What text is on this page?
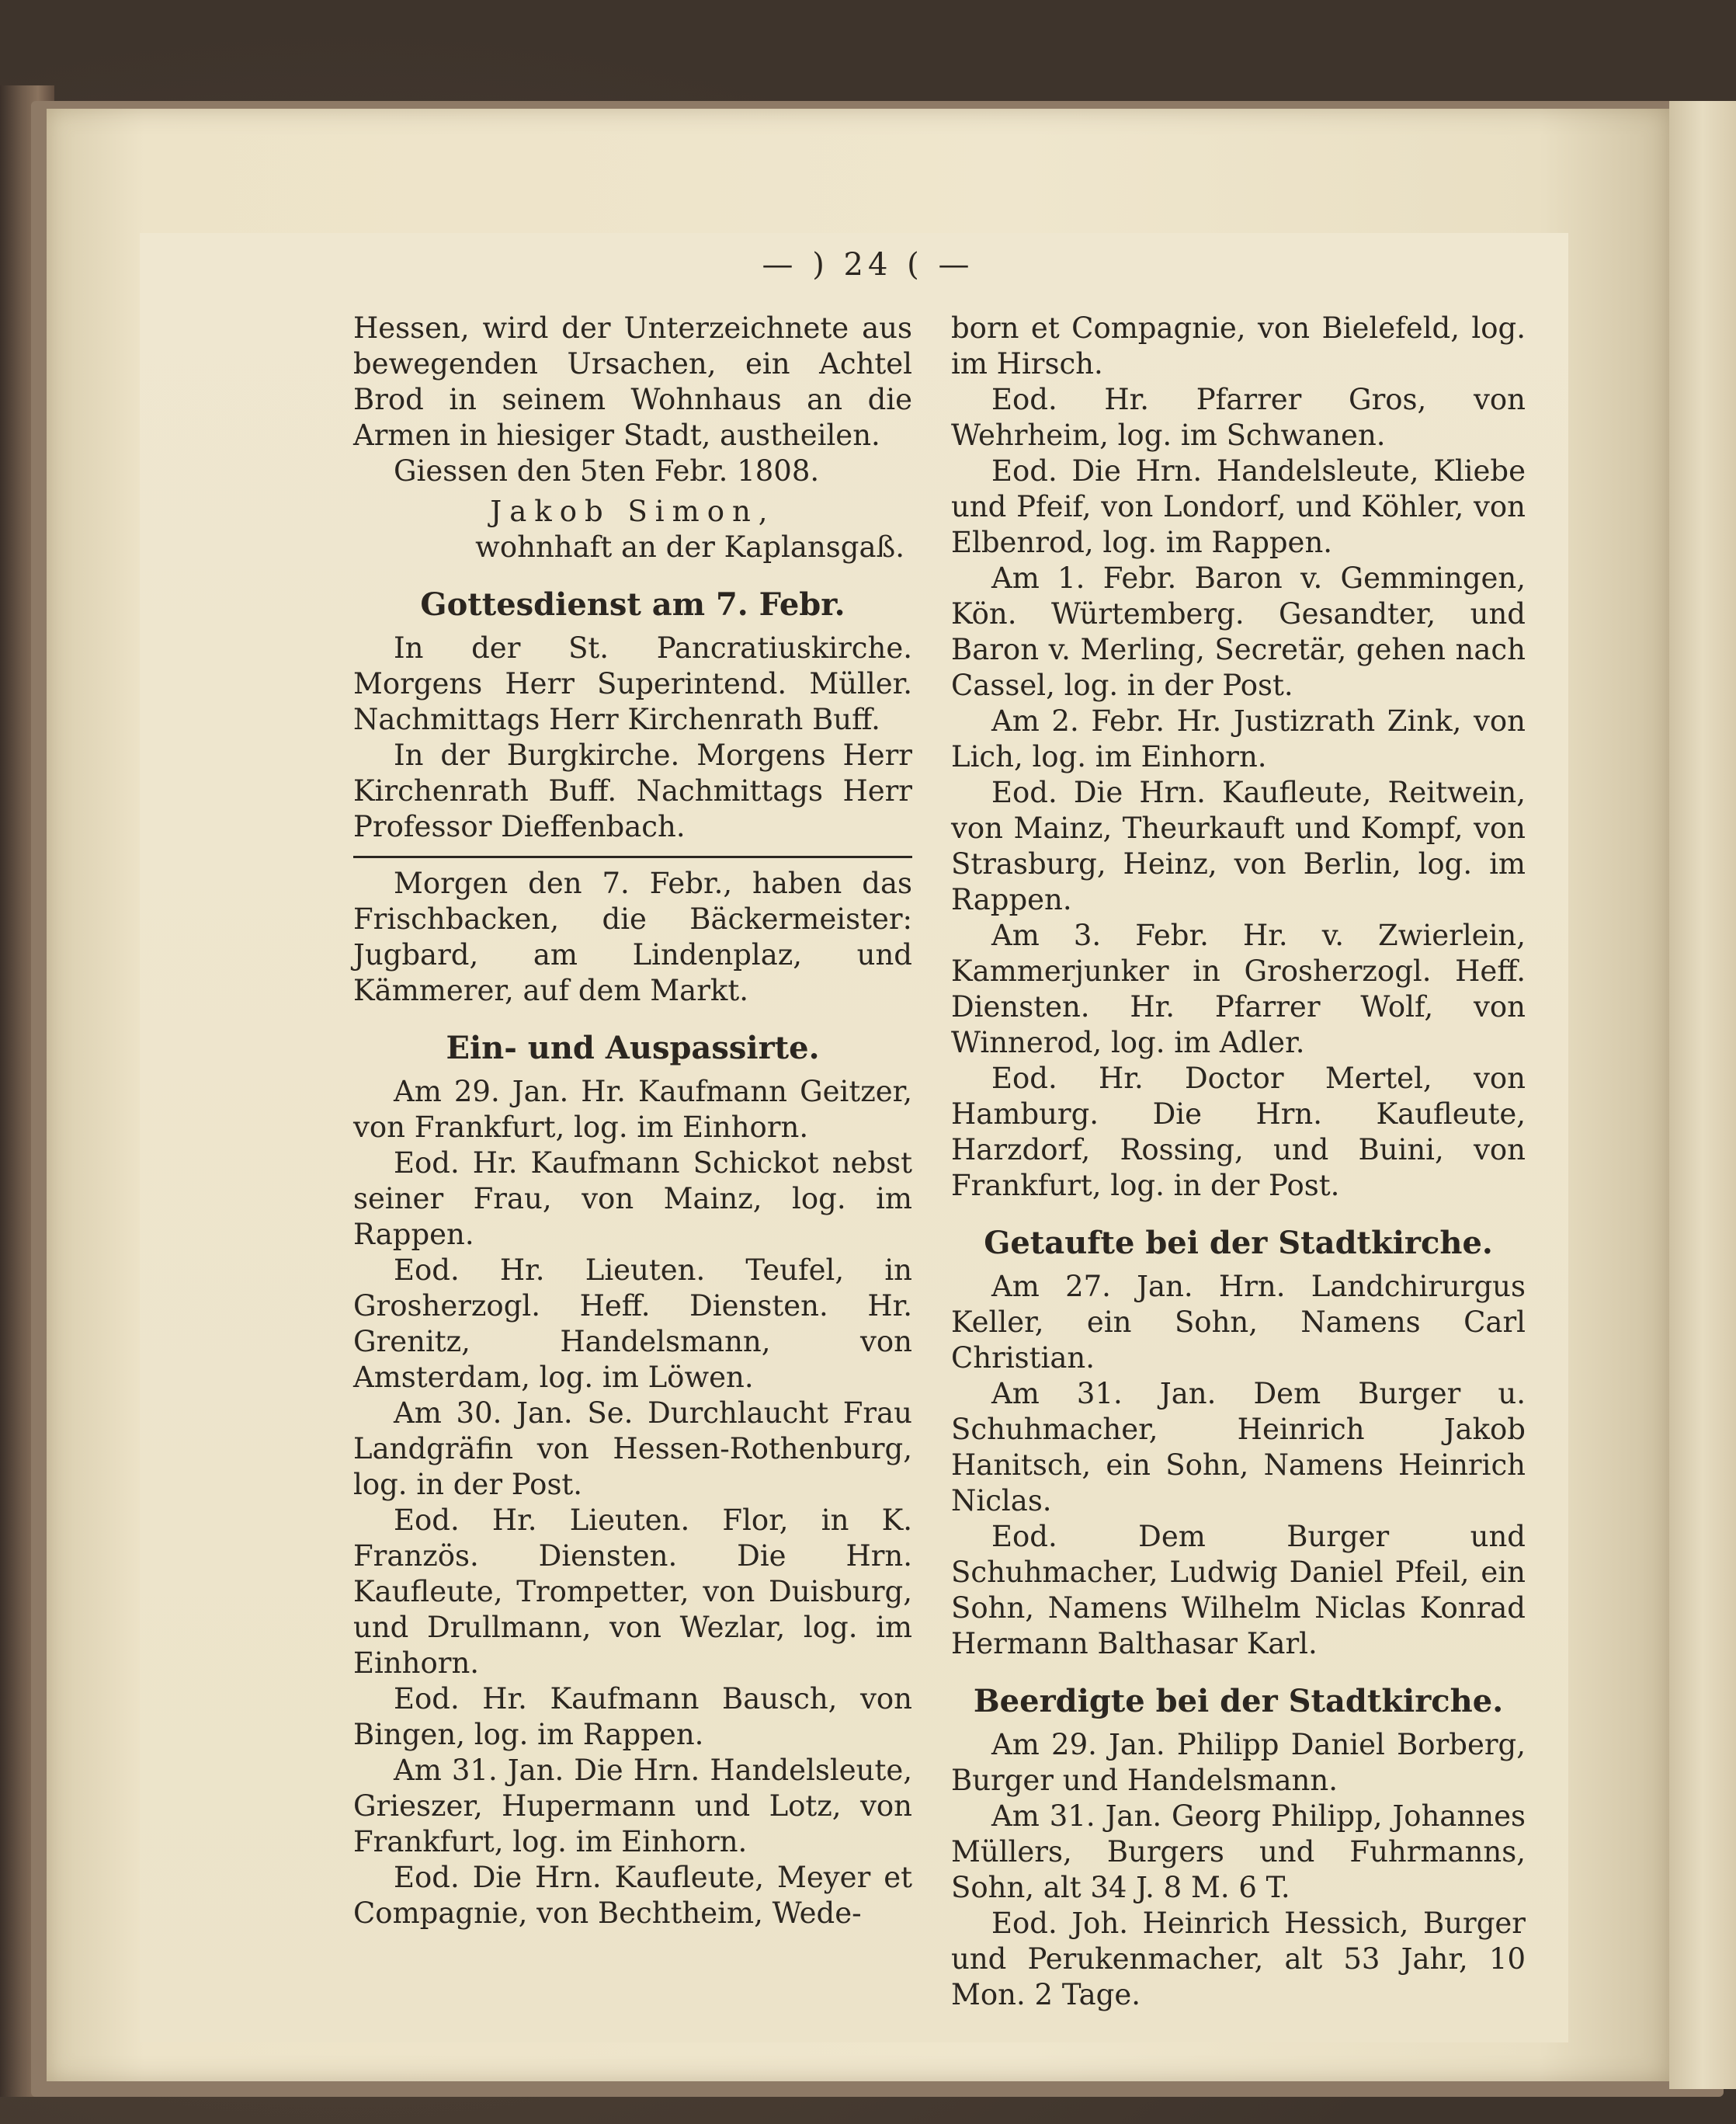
— ) 24 ( —

Hessen, wird der Unterzeichnete aus bewegenden Ursachen, ein Achtel Brod in seinem Wohnhaus an die Armen in hiesiger Stadt, austheilen.

Giessen den 5ten Febr. 1808.

Jakob Simon,

wohnhaft an der Kaplansgaß.

Gottesdienst am 7. Febr.

In der St. Pancratiuskirche. Morgens Herr Superintend. Müller. Nachmittags Herr Kirchenrath Buff.

In der Burgkirche. Morgens Herr Kirchenrath Buff. Nachmittags Herr Professor Dieffenbach.

Morgen den 7. Febr., haben das Frischbacken, die Bäckermeister: Jugbard, am Lindenplaz, und Kämmerer, auf dem Markt.

Ein- und Auspassirte.

Am 29. Jan. Hr. Kaufmann Geitzer, von Frankfurt, log. im Einhorn.

Eod. Hr. Kaufmann Schickot nebst seiner Frau, von Mainz, log. im Rappen.

Eod. Hr. Lieuten. Teufel, in Grosherzogl. Heff. Diensten. Hr. Grenitz, Handelsmann, von Amsterdam, log. im Löwen.

Am 30. Jan. Se. Durchlaucht Frau Landgräfin von Hessen-Rothenburg, log. in der Post.

Eod. Hr. Lieuten. Flor, in K. Französ. Diensten. Die Hrn. Kaufleute, Trompetter, von Duisburg, und Drullmann, von Wezlar, log. im Einhorn.

Eod. Hr. Kaufmann Bausch, von Bingen, log. im Rappen.

Am 31. Jan. Die Hrn. Handelsleute, Grieszer, Hupermann und Lotz, von Frankfurt, log. im Einhorn.

Eod. Die Hrn. Kaufleute, Meyer et Compagnie, von Bechtheim, Wede-

born et Compagnie, von Bielefeld, log. im Hirsch.

Eod. Hr. Pfarrer Gros, von Wehrheim, log. im Schwanen.

Eod. Die Hrn. Handelsleute, Kliebe und Pfeif, von Londorf, und Köhler, von Elbenrod, log. im Rappen.

Am 1. Febr. Baron v. Gemmingen, Kön. Würtemberg. Gesandter, und Baron v. Merling, Secretär, gehen nach Cassel, log. in der Post.

Am 2. Febr. Hr. Justizrath Zink, von Lich, log. im Einhorn.

Eod. Die Hrn. Kaufleute, Reitwein, von Mainz, Theurkauft und Kompf, von Strasburg, Heinz, von Berlin, log. im Rappen.

Am 3. Febr. Hr. v. Zwierlein, Kammerjunker in Grosherzogl. Heff. Diensten. Hr. Pfarrer Wolf, von Winnerod, log. im Adler.

Eod. Hr. Doctor Mertel, von Hamburg. Die Hrn. Kaufleute, Harzdorf, Rossing, und Buini, von Frankfurt, log. in der Post.

Getaufte bei der Stadtkirche.

Am 27. Jan. Hrn. Landchirurgus Keller, ein Sohn, Namens Carl Christian.

Am 31. Jan. Dem Burger u. Schuhmacher, Heinrich Jakob Hanitsch, ein Sohn, Namens Heinrich Niclas.

Eod. Dem Burger und Schuhmacher, Ludwig Daniel Pfeil, ein Sohn, Namens Wilhelm Niclas Konrad Hermann Balthasar Karl.

Beerdigte bei der Stadtkirche.

Am 29. Jan. Philipp Daniel Borberg, Burger und Handelsmann.

Am 31. Jan. Georg Philipp, Johannes Müllers, Burgers und Fuhrmanns, Sohn, alt 34 J. 8 M. 6 T.

Eod. Joh. Heinrich Hessich, Burger und Perukenmacher, alt 53 Jahr, 10 Mon. 2 Tage.
